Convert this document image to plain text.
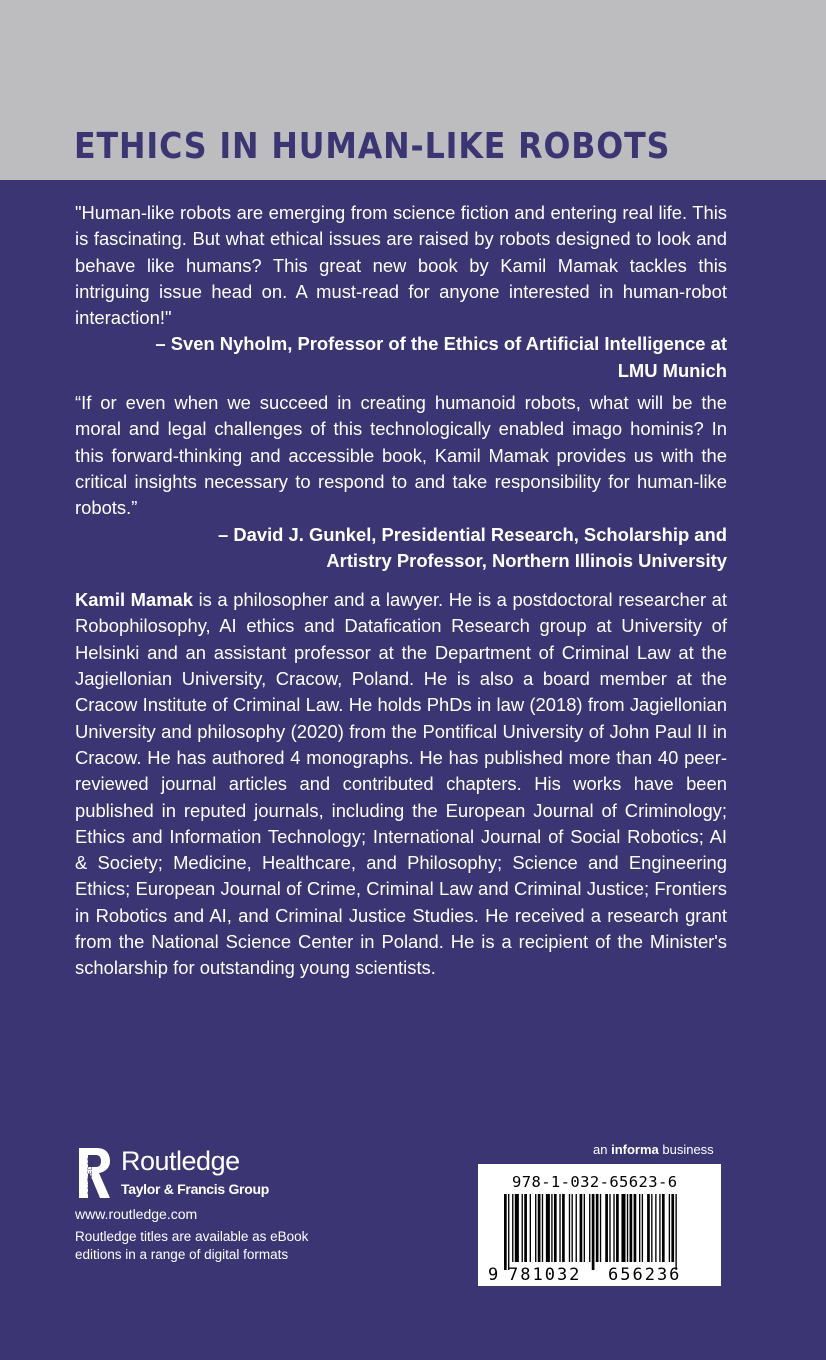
ETHICS IN HUMAN-LIKE ROBOTS

"Human-like robots are emerging from science fiction and entering real life. This is fascinating. But what ethical issues are raised by robots designed to look and behave like humans? This great new book by Kamil Mamak tackles this intriguing issue head on. A must-read for anyone interested in human-robot interaction!"

– Sven Nyholm, Professor of the Ethics of Artificial Intelligence at

LMU Munich

“If or even when we succeed in creating humanoid robots, what will be the moral and legal challenges of this technologically enabled imago hominis? In this forward-thinking and accessible book, Kamil Mamak provides us with the critical insights necessary to respond to and take responsibility for human-like robots.”

– David J. Gunkel, Presidential Research, Scholarship and

Artistry Professor, Northern Illinois University

Kamil Mamak is a philosopher and a lawyer. He is a postdoctoral researcher at Robophilosophy, AI ethics and Datafication Research group at University of Helsinki and an assistant professor at the Department of Criminal Law at the Jagiellonian University, Cracow, Poland. He is also a board member at the Cracow Institute of Criminal Law. He holds PhDs in law (2018) from Jagiellonian University and philosophy (2020) from the Pontifical University of John Paul II in Cracow. He has authored 4 monographs. He has published more than 40 peer-reviewed journal articles and contributed chapters. His works have been published in reputed journals, including the European Journal of Criminology; Ethics and Information Technology; International Journal of Social Robotics; AI & Society; Medicine, Healthcare, and Philosophy; Science and Engineering Ethics; European Journal of Crime, Criminal Law and Criminal Justice; Frontiers in Robotics and AI, and Criminal Justice Studies. He received a research grant from the National Science Center in Poland. He is a recipient of the Minister's scholarship for outstanding young scientists.

ROUTLEDGE Routledge
Taylor & Francis Group
www.routledge.com
Routledge titles are available as eBook editions in a range of digital formats
an informa business
978-1-032-65623-6
9 781032 656236
